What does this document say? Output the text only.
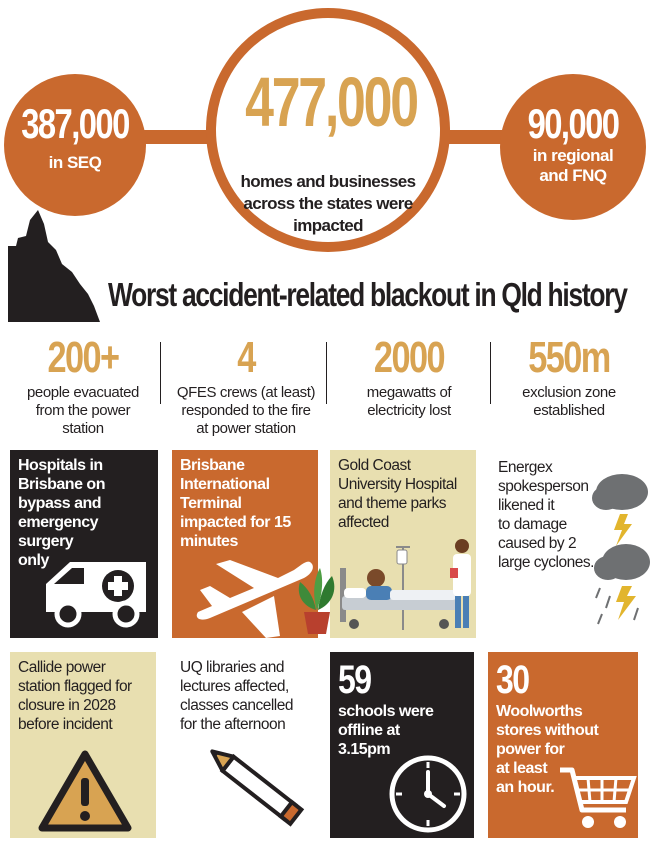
387,000
in SEQ
477,000
homes and businesses
across the states were
impacted
90,000
in regional
and FNQ
Worst accident-related blackout in Qld history
200+
people evacuated
from the power
station
4
QFES crews (at least)
responded to the fire
at power station
2000
megawatts of
electricity lost
550m
exclusion zone
established
Hospitals in
Brisbane on
bypass and
emergency
surgery
only
Brisbane
International
Terminal
impacted for 15
minutes
Gold Coast
University Hospital
and theme parks
affected
Energex
spokesperson
likened it
to damage
caused by 2
large cyclones.
Callide power
station flagged for
closure in 2028
before incident
UQ libraries and
lectures affected,
classes cancelled
for the afternoon
59
schools were
offline at
3.15pm
30
Woolworths
stores without
power for
at least
an hour.
